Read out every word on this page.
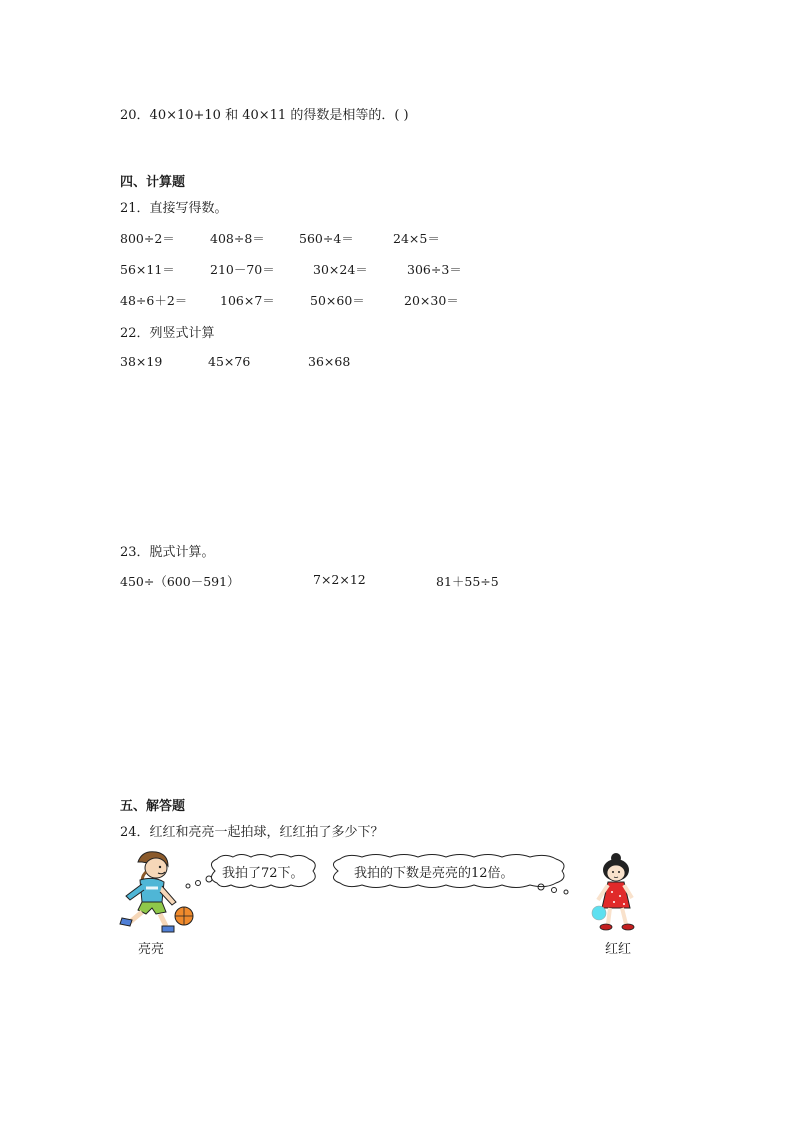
20．40×10+10 和 40×11 的得数是相等的．( )
四、计算题
21．直接写得数。
800÷2＝	408÷8＝	560÷4＝	24×5＝
56×11＝	210－70＝	30×24＝	306÷3＝
48÷6＋2＝	106×7＝	50×60＝	20×30＝
22．列竖式计算
38×19	45×76	36×68
23．脱式计算。
450÷（600－591）	7×2×12	81＋55÷5
五、解答题
24．红红和亮亮一起拍球，红红拍了多少下？
我拍了72下。	我拍的下数是亮亮的12倍。
亮亮	红红
